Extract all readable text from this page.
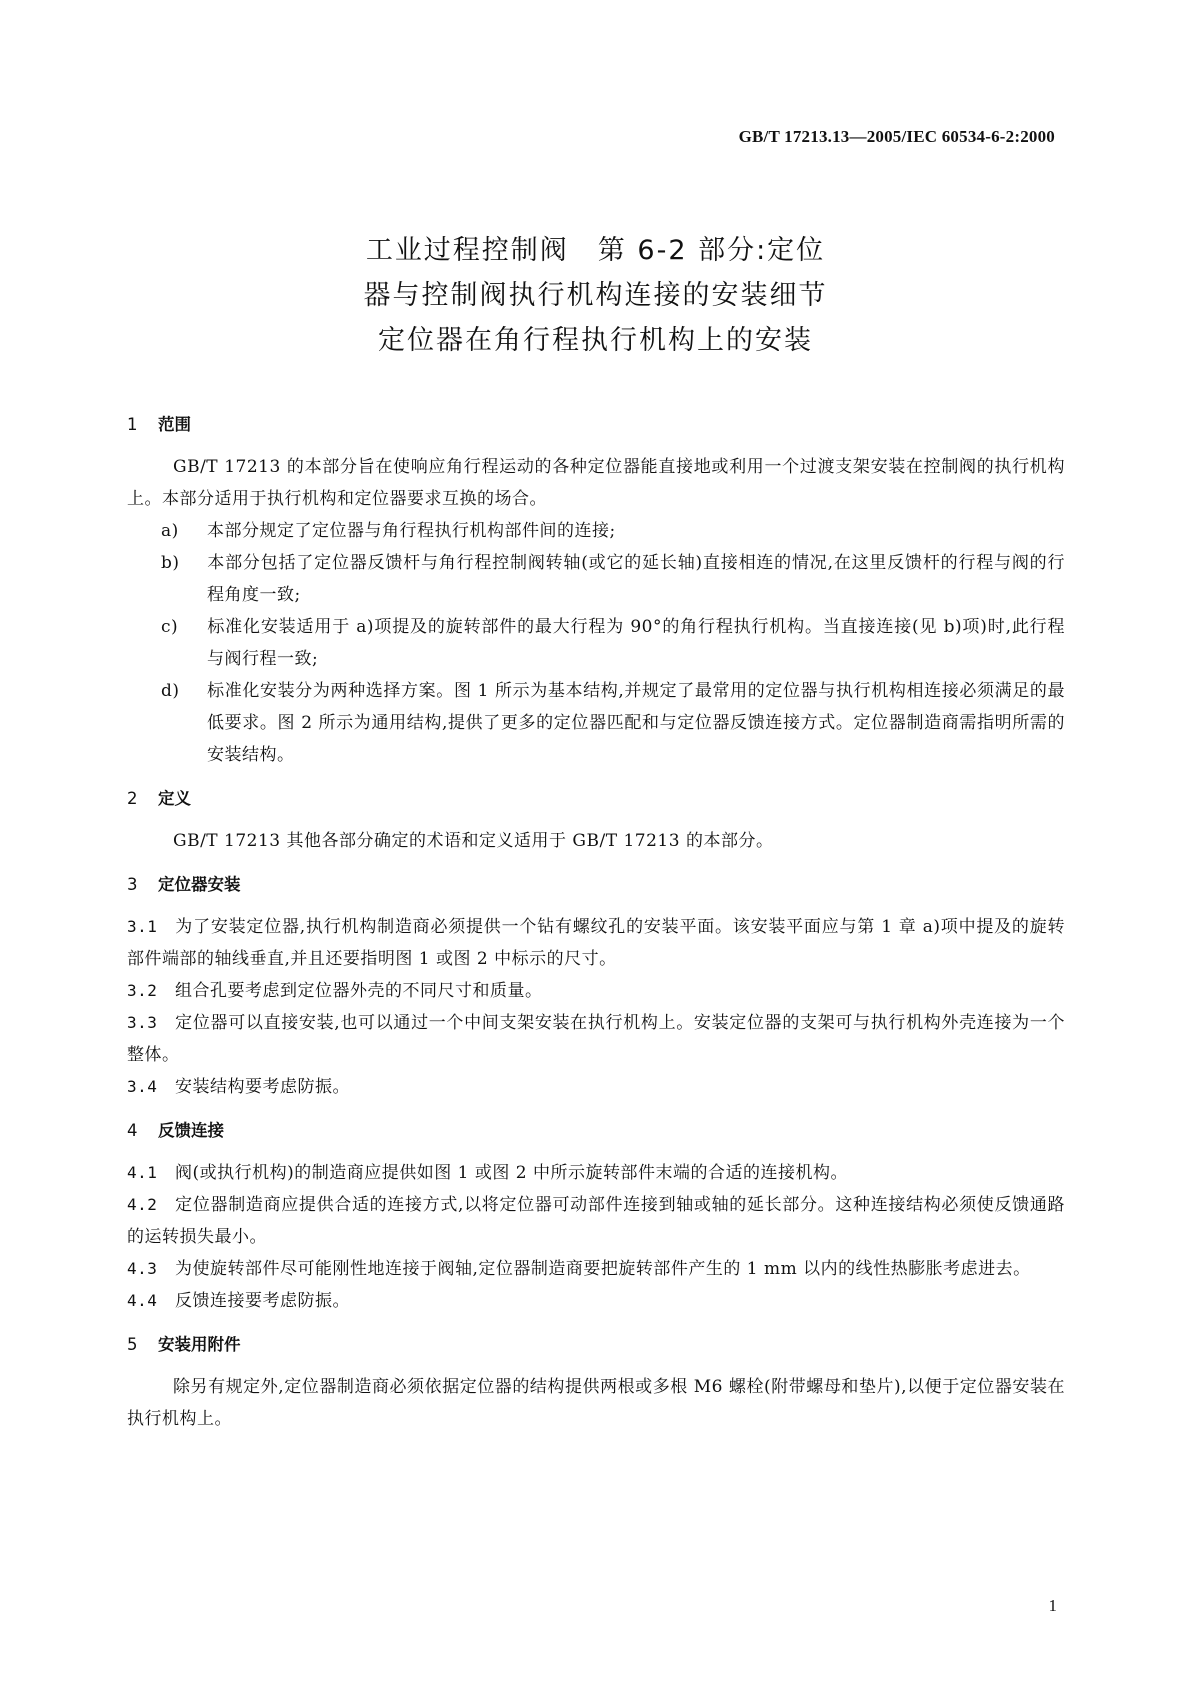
GB/T 17213.13—2005/IEC 60534-6-2:2000
工业过程控制阀　第 6-2 部分:定位
器与控制阀执行机构连接的安装细节
定位器在角行程执行机构上的安装
1 范围

GB/T 17213 的本部分旨在使响应角行程运动的各种定位器能直接地或利用一个过渡支架安装在控制阀的执行机构上。本部分适用于执行机构和定位器要求互换的场合。

a) 本部分规定了定位器与角行程执行机构部件间的连接;

b) 本部分包括了定位器反馈杆与角行程控制阀转轴(或它的延长轴)直接相连的情况,在这里反馈杆的行程与阀的行程角度一致;

c) 标准化安装适用于 a)项提及的旋转部件的最大行程为 90°的角行程执行机构。当直接连接(见 b)项)时,此行程与阀行程一致;

d) 标准化安装分为两种选择方案。图 1 所示为基本结构,并规定了最常用的定位器与执行机构相连接必须满足的最低要求。图 2 所示为通用结构,提供了更多的定位器匹配和与定位器反馈连接方式。定位器制造商需指明所需的安装结构。

2 定义

GB/T 17213 其他各部分确定的术语和定义适用于 GB/T 17213 的本部分。

3 定位器安装

3.1 为了安装定位器,执行机构制造商必须提供一个钻有螺纹孔的安装平面。该安装平面应与第 1 章 a)项中提及的旋转部件端部的轴线垂直,并且还要指明图 1 或图 2 中标示的尺寸。

3.2 组合孔要考虑到定位器外壳的不同尺寸和质量。

3.3 定位器可以直接安装,也可以通过一个中间支架安装在执行机构上。安装定位器的支架可与执行机构外壳连接为一个整体。

3.4 安装结构要考虑防振。

4 反馈连接

4.1 阀(或执行机构)的制造商应提供如图 1 或图 2 中所示旋转部件末端的合适的连接机构。

4.2 定位器制造商应提供合适的连接方式,以将定位器可动部件连接到轴或轴的延长部分。这种连接结构必须使反馈通路的运转损失最小。

4.3 为使旋转部件尽可能刚性地连接于阀轴,定位器制造商要把旋转部件产生的 1 mm 以内的线性热膨胀考虑进去。

4.4 反馈连接要考虑防振。

5 安装用附件

除另有规定外,定位器制造商必须依据定位器的结构提供两根或多根 M6 螺栓(附带螺母和垫片),以便于定位器安装在执行机构上。

1
